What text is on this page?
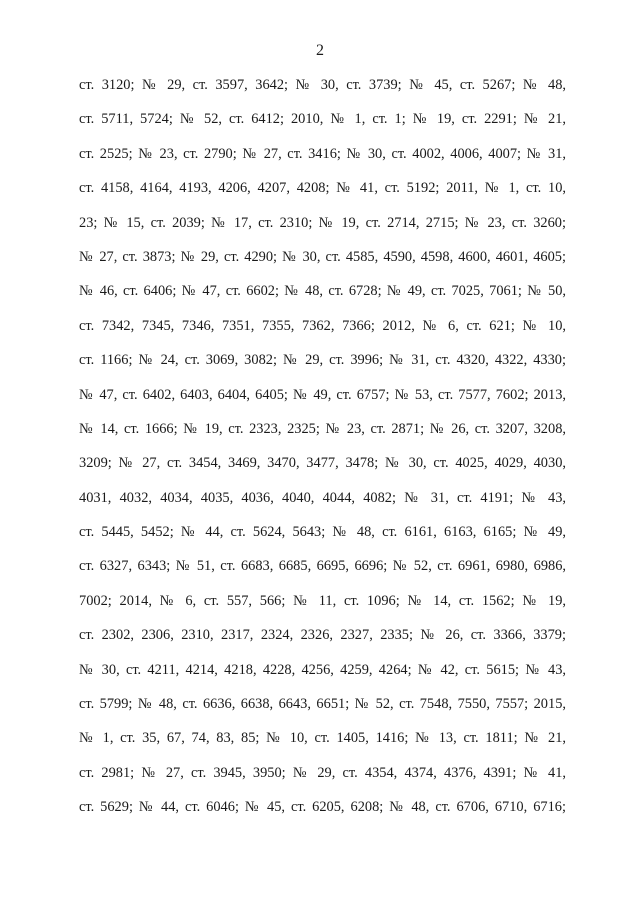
2
ст. 3120; № 29, ст. 3597, 3642; № 30, ст. 3739; № 45, ст. 5267; № 48,
ст. 5711, 5724; № 52, ст. 6412; 2010, № 1, ст. 1; № 19, ст. 2291; № 21,
ст. 2525; № 23, ст. 2790; № 27, ст. 3416; № 30, ст. 4002, 4006, 4007; № 31,
ст. 4158, 4164, 4193, 4206, 4207, 4208; № 41, ст. 5192; 2011, № 1, ст. 10,
23; № 15, ст. 2039; № 17, ст. 2310; № 19, ст. 2714, 2715; № 23, ст. 3260;
№ 27, ст. 3873; № 29, ст. 4290; № 30, ст. 4585, 4590, 4598, 4600, 4601, 4605;
№ 46, ст. 6406; № 47, ст. 6602; № 48, ст. 6728; № 49, ст. 7025, 7061; № 50,
ст. 7342, 7345, 7346, 7351, 7355, 7362, 7366; 2012, № 6, ст. 621; № 10,
ст. 1166; № 24, ст. 3069, 3082; № 29, ст. 3996; № 31, ст. 4320, 4322, 4330;
№ 47, ст. 6402, 6403, 6404, 6405; № 49, ст. 6757; № 53, ст. 7577, 7602; 2013,
№ 14, ст. 1666; № 19, ст. 2323, 2325; № 23, ст. 2871; № 26, ст. 3207, 3208,
3209; № 27, ст. 3454, 3469, 3470, 3477, 3478; № 30, ст. 4025, 4029, 4030,
4031, 4032, 4034, 4035, 4036, 4040, 4044, 4082; № 31, ст. 4191; № 43,
ст. 5445, 5452; № 44, ст. 5624, 5643; № 48, ст. 6161, 6163, 6165; № 49,
ст. 6327, 6343; № 51, ст. 6683, 6685, 6695, 6696; № 52, ст. 6961, 6980, 6986,
7002; 2014, № 6, ст. 557, 566; № 11, ст. 1096; № 14, ст. 1562; № 19,
ст. 2302, 2306, 2310, 2317, 2324, 2326, 2327, 2335; № 26, ст. 3366, 3379;
№ 30, ст. 4211, 4214, 4218, 4228, 4256, 4259, 4264; № 42, ст. 5615; № 43,
ст. 5799; № 48, ст. 6636, 6638, 6643, 6651; № 52, ст. 7548, 7550, 7557; 2015,
№ 1, ст. 35, 67, 74, 83, 85; № 10, ст. 1405, 1416; № 13, ст. 1811; № 21,
ст. 2981; № 27, ст. 3945, 3950; № 29, ст. 4354, 4374, 4376, 4391; № 41,
ст. 5629; № 44, ст. 6046; № 45, ст. 6205, 6208; № 48, ст. 6706, 6710, 6716;
